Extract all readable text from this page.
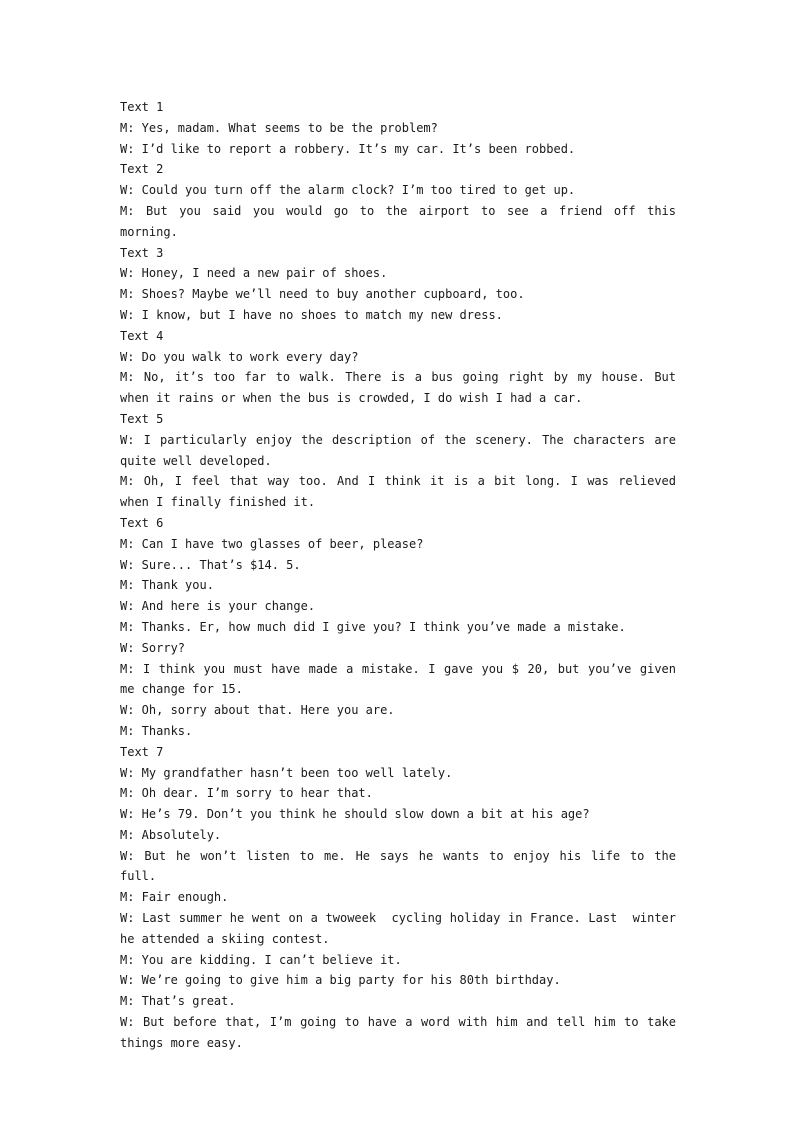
Text 1
M: Yes, madam. What seems to be the problem?
W: I’d like to report a robbery. It’s my car. It’s been robbed.
Text 2
W: Could you turn off the alarm clock? I’m too tired to get up.
M: But you said you would go to the airport to see a friend off this morning.
Text 3
W: Honey, I need a new pair of shoes.
M: Shoes? Maybe we’ll need to buy another cupboard, too.
W: I know, but I have no shoes to match my new dress.
Text 4
W: Do you walk to work every day?
M: No, it’s too far to walk. There is a bus going right by my house. But when it rains or when the bus is crowded, I do wish I had a car.
Text 5
W: I particularly enjoy the description of the scenery. The characters are quite well developed.
M: Oh, I feel that way too. And I think it is a bit long. I was relieved when I finally finished it.
Text 6
M: Can I have two glasses of beer, please?
W: Sure... That’s $14. 5.
M: Thank you.
W: And here is your change.
M: Thanks. Er, how much did I give you? I think you’ve made a mistake.
W: Sorry?
M: I think you must have made a mistake. I gave you $ 20, but you’ve given me change for 15.
W: Oh, sorry about that. Here you are.
M: Thanks.
Text 7
W: My grandfather hasn’t been too well lately.
M: Oh dear. I’m sorry to hear that.
W: He’s 79. Don’t you think he should slow down a bit at his age?
M: Absolutely.
W: But he won’t listen to me. He says he wants to enjoy his life to the full.
M: Fair enough.
W: Last summer he went on a twoweek  cycling holiday in France. Last  winter he attended a skiing contest.
M: You are kidding. I can’t believe it.
W: We’re going to give him a big party for his 80th birthday.
M: That’s great.
W: But before that, I’m going to have a word with him and tell him to take things more easy.
